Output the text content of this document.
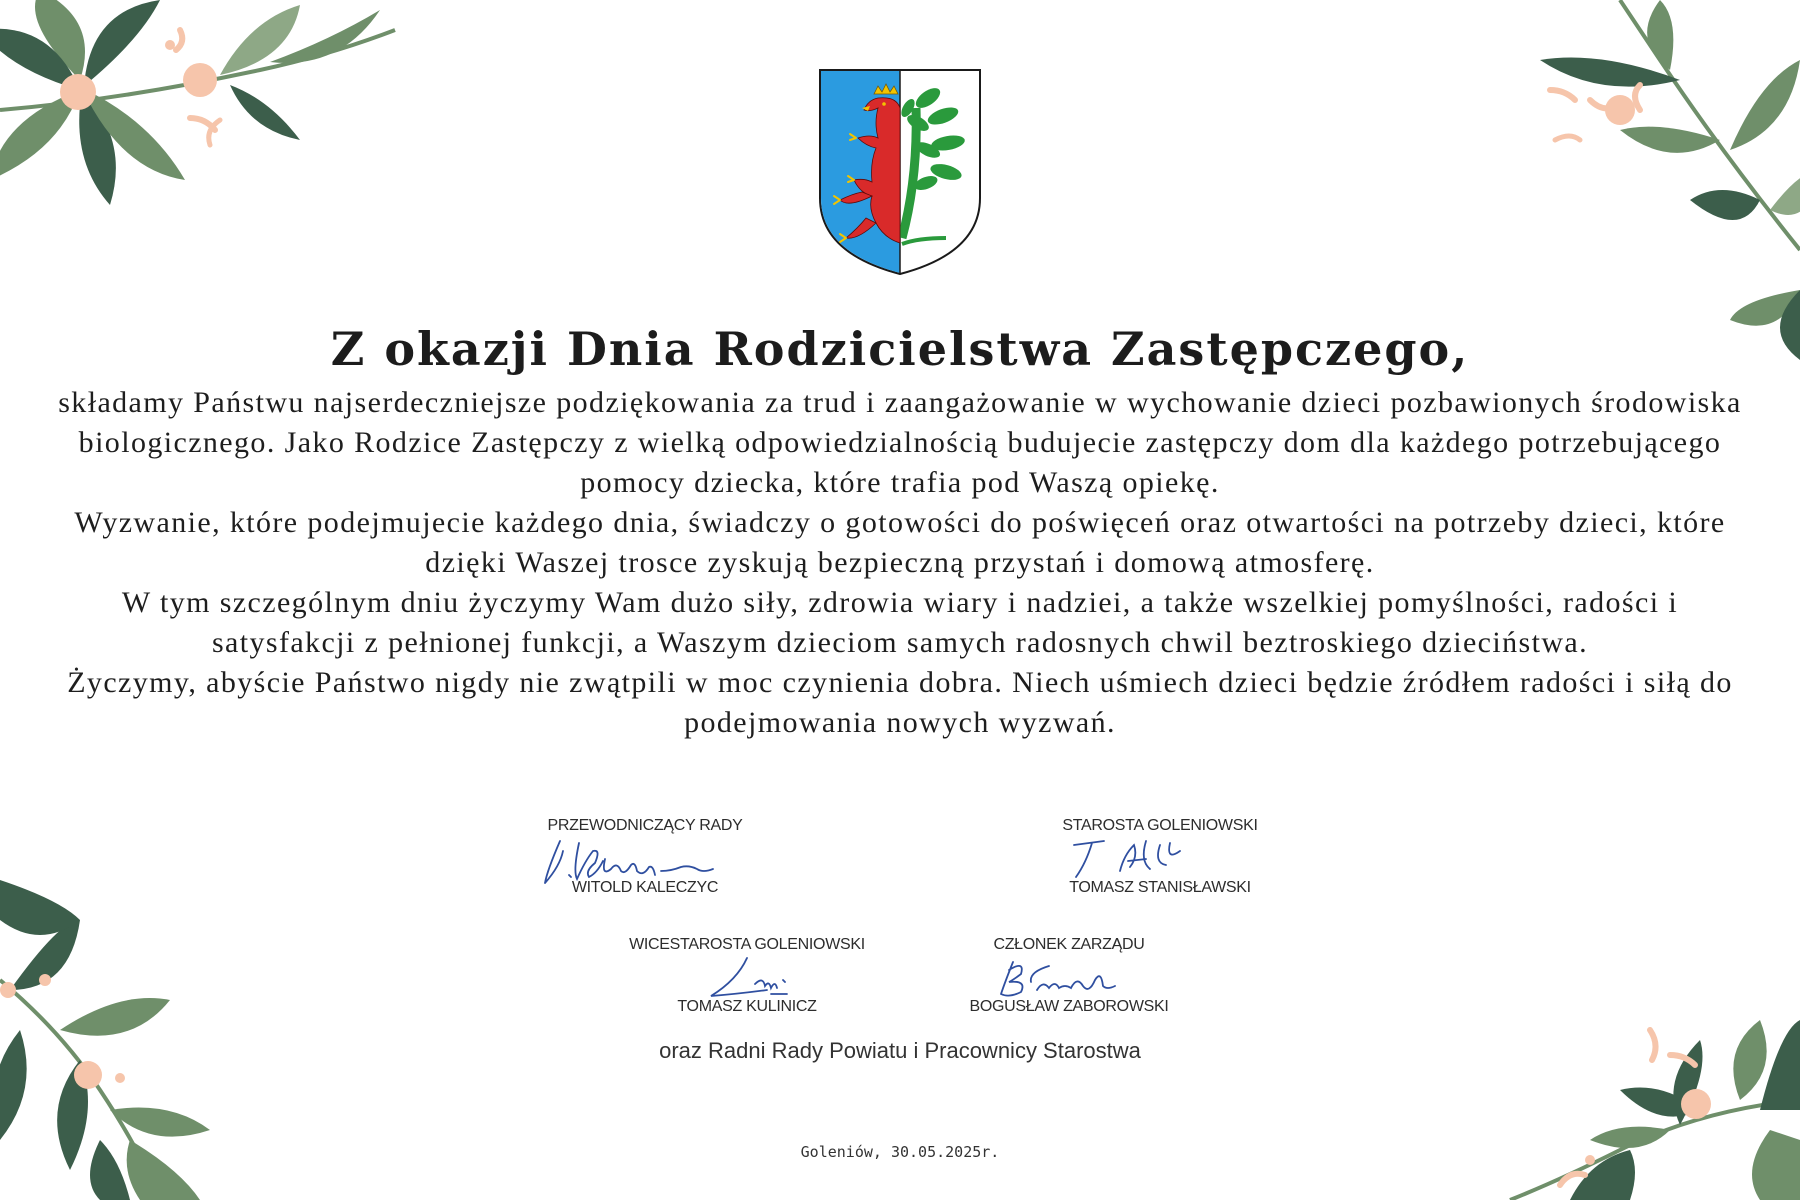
Z okazji Dnia Rodzicielstwa Zastępczego,

składamy Państwu najserdeczniejsze podziękowania za trud i zaangażowanie w wychowanie dzieci pozbawionych środowiska biologicznego. Jako Rodzice Zastępczy z wielką odpowiedzialnością budujecie zastępczy dom dla każdego potrzebującego pomocy dziecka, które trafia pod Waszą opiekę.

Wyzwanie, które podejmujecie każdego dnia, świadczy o gotowości do poświęceń oraz otwartości na potrzeby dzieci, które dzięki Waszej trosce zyskują bezpieczną przystań i domową atmosferę.

W tym szczególnym dniu życzymy Wam dużo siły, zdrowia wiary i nadziei, a także wszelkiej pomyślności, radości i satysfakcji z pełnionej funkcji, a Waszym dzieciom samych radosnych chwil beztroskiego dzieciństwa.

Życzymy, abyście Państwo nigdy nie zwątpili w moc czynienia dobra. Niech uśmiech dzieci będzie źródłem radości i siłą do podejmowania nowych wyzwań.

PRZEWODNICZĄCY RADY
WITOLD KALECZYC
STAROSTA GOLENIOWSKI
TOMASZ STANISŁAWSKI
WICESTAROSTA GOLENIOWSKI
TOMASZ KULINICZ
CZŁONEK ZARZĄDU
BOGUSŁAW ZABOROWSKI
oraz Radni Rady Powiatu i Pracownicy Starostwa
Goleniów, 30.05.2025r.
